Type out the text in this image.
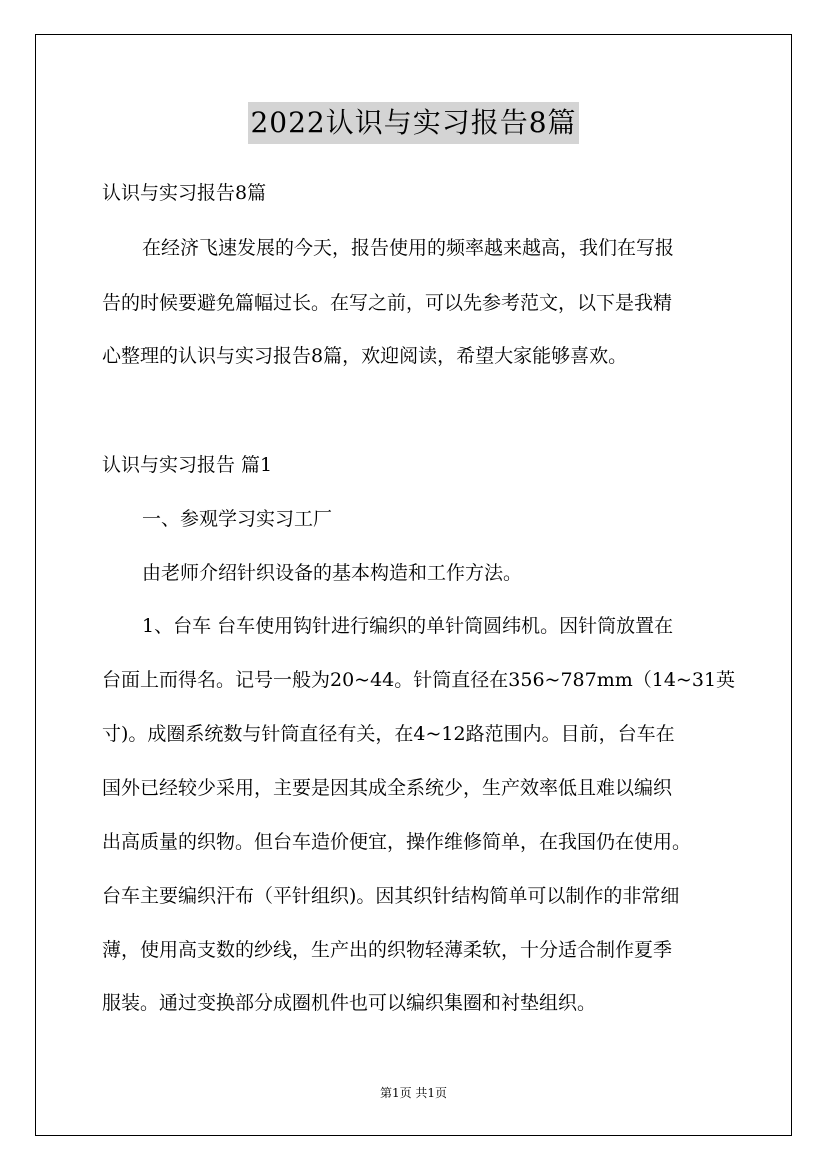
2022认识与实习报告8篇
认识与实习报告8篇
在经济飞速发展的今天，报告使用的频率越来越高，我们在写报
告的时候要避免篇幅过长。在写之前，可以先参考范文，以下是我精
心整理的认识与实习报告8篇，欢迎阅读，希望大家能够喜欢。
认识与实习报告 篇1
一、参观学习实习工厂
由老师介绍针织设备的基本构造和工作方法。
1、台车 台车使用钩针进行编织的单针筒圆纬机。因针筒放置在
台面上而得名。记号一般为20~44。针筒直径在356~787mm（14~31英
寸)。成圈系统数与针筒直径有关，在4~12路范围内。目前，台车在
国外已经较少采用，主要是因其成全系统少，生产效率低且难以编织
出高质量的织物。但台车造价便宜，操作维修简单，在我国仍在使用。
台车主要编织汗布（平针组织)。因其织针结构简单可以制作的非常细
薄，使用高支数的纱线，生产出的织物轻薄柔软，十分适合制作夏季
服装。通过变换部分成圈机件也可以编织集圈和衬垫组织。
第1页 共1页
